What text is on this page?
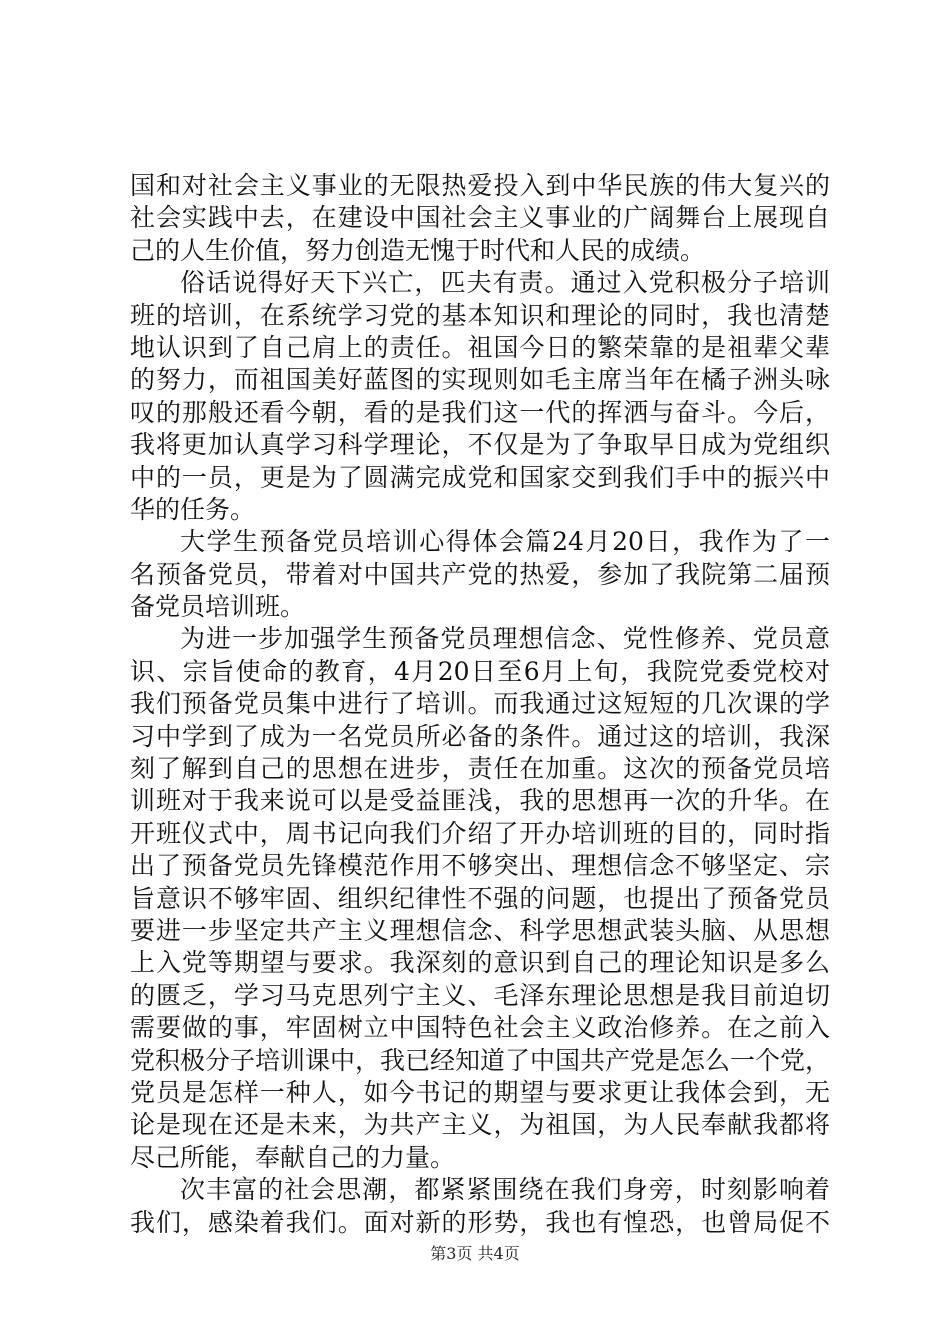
国和对社会主义事业的无限热爱投入到中华民族的伟大复兴的
社会实践中去，在建设中国社会主义事业的广阔舞台上展现自
己的人生价值，努力创造无愧于时代和人民的成绩。
俗话说得好天下兴亡，匹夫有责。通过入党积极分子培训
班的培训，在系统学习党的基本知识和理论的同时，我也清楚
地认识到了自己肩上的责任。祖国今日的繁荣靠的是祖辈父辈
的努力，而祖国美好蓝图的实现则如毛主席当年在橘子洲头咏
叹的那般还看今朝，看的是我们这一代的挥洒与奋斗。今后，
我将更加认真学习科学理论，不仅是为了争取早日成为党组织
中的一员，更是为了圆满完成党和国家交到我们手中的振兴中
华的任务。
大学生预备党员培训心得体会篇24月20日，我作为了一
名预备党员，带着对中国共产党的热爱，参加了我院第二届预
备党员培训班。
为进一步加强学生预备党员理想信念、党性修养、党员意
识、宗旨使命的教育，4月20日至6月上旬，我院党委党校对
我们预备党员集中进行了培训。而我通过这短短的几次课的学
习中学到了成为一名党员所必备的条件。通过这的培训，我深
刻了解到自己的思想在进步，责任在加重。这次的预备党员培
训班对于我来说可以是受益匪浅，我的思想再一次的升华。在
开班仪式中，周书记向我们介绍了开办培训班的目的，同时指
出了预备党员先锋模范作用不够突出、理想信念不够坚定、宗
旨意识不够牢固、组织纪律性不强的问题，也提出了预备党员
要进一步坚定共产主义理想信念、科学思想武装头脑、从思想
上入党等期望与要求。我深刻的意识到自己的理论知识是多么
的匮乏，学习马克思列宁主义、毛泽东理论思想是我目前迫切
需要做的事，牢固树立中国特色社会主义政治修养。在之前入
党积极分子培训课中，我已经知道了中国共产党是怎么一个党，
党员是怎样一种人，如今书记的期望与要求更让我体会到，无
论是现在还是未来，为共产主义，为祖国，为人民奉献我都将
尽己所能，奉献自己的力量。
次丰富的社会思潮，都紧紧围绕在我们身旁，时刻影响着
我们，感染着我们。面对新的形势，我也有惶恐，也曾局促不
第3页 共4页
